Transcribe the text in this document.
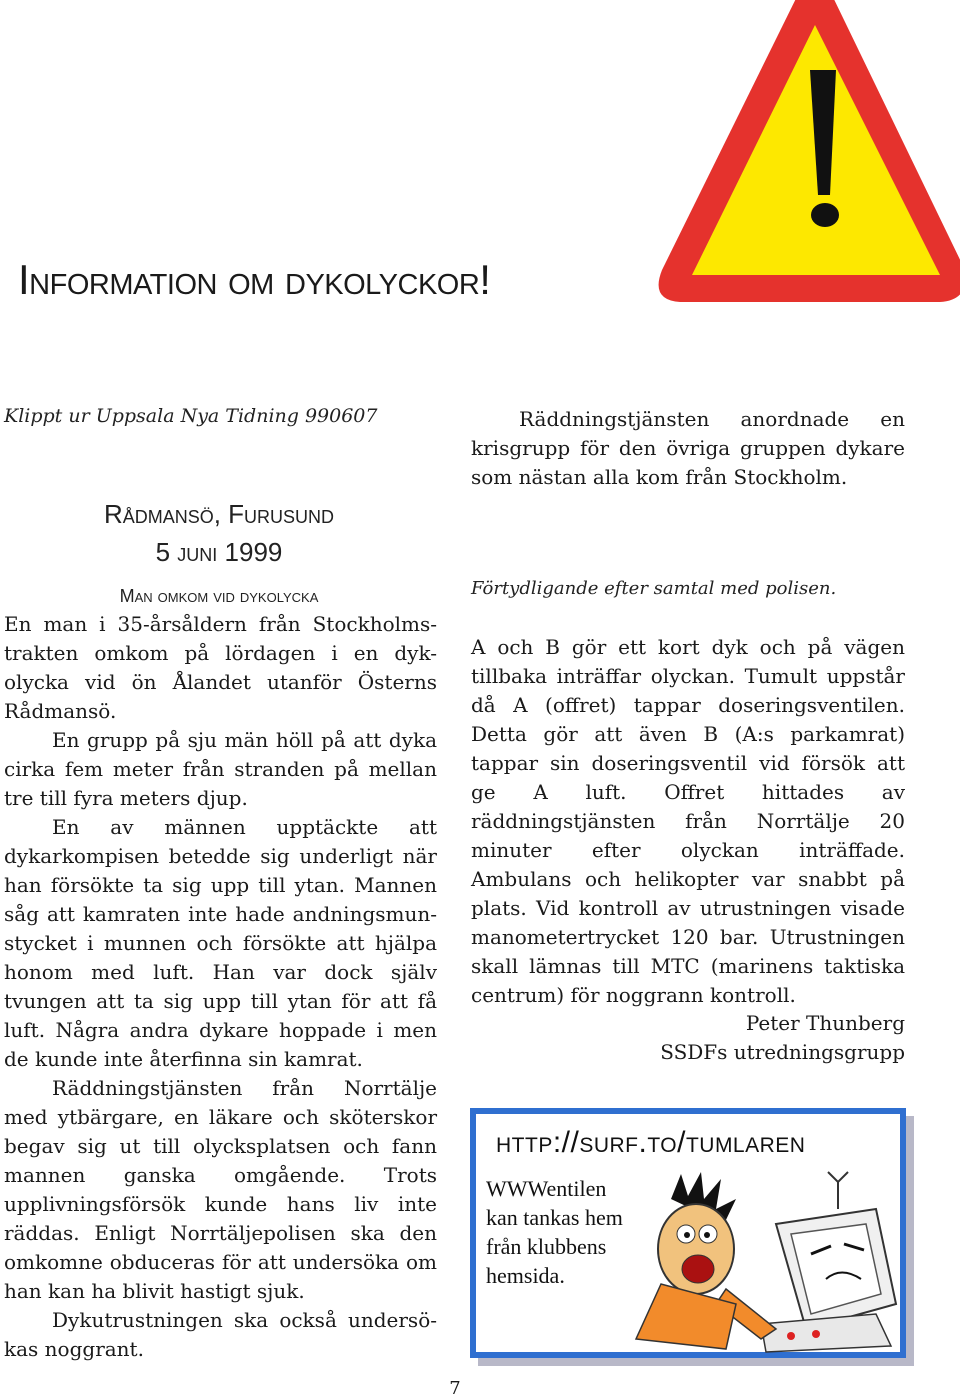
Information om dykolyckor!
Klippt ur Uppsala Nya Tidning 990607
Rådmansö, Furusund
5 juni 1999
Man omkom vid dykolycka

En man i 35-årsåldern från Stockholms-trakten omkom på lördagen i en dyk-olycka vid ön Ålandet utanför Österns Rådmansö.

En grupp på sju män höll på att dyka cirka fem meter från stranden på mellan tre till fyra meters djup.

En av männen upptäckte att dykarkompisen betedde sig underligt när han försökte ta sig upp till ytan. Mannen såg att kamraten inte hade andningsmun-stycket i munnen och försökte att hjälpa honom med luft. Han var dock själv tvungen att ta sig upp till ytan för att få luft. Några andra dykare hoppade i men de kunde inte återfinna sin kamrat.

Räddningstjänsten från Norrtälje med ytbärgare, en läkare och sköterskor begav sig ut till olycksplatsen och fann mannen ganska omgående. Trots upplivningsförsök kunde hans liv inte räddas. Enligt Norrtäljepolisen ska den omkomne obduceras för att undersöka om han kan ha blivit hastigt sjuk.

Dykutrustningen ska också undersö-kas noggrant.

Räddningstjänsten anordnade en krisgrupp för den övriga gruppen dykare som nästan alla kom från Stockholm.

Förtydligande efter samtal med polisen.

A och B gör ett kort dyk och på vägen tillbaka inträffar olyckan. Tumult uppstår då A (offret) tappar doseringsventilen. Detta gör att även B (A:s parkamrat) tappar sin doseringsventil vid försök att ge A luft. Offret hittades av räddningstjänsten från Norrtälje 20 minuter efter olyckan inträffade. Ambulans och helikopter var snabbt på plats. Vid kontroll av utrustningen visade manometertrycket 120 bar. Utrustningen skall lämnas till MTC (marinens taktiska centrum) för noggrann kontroll.

Peter Thunberg
SSDFs utredningsgrupp
http://surf.to/tumlaren
WWWentilen kan tankas hem från klubbens hemsida.
7
